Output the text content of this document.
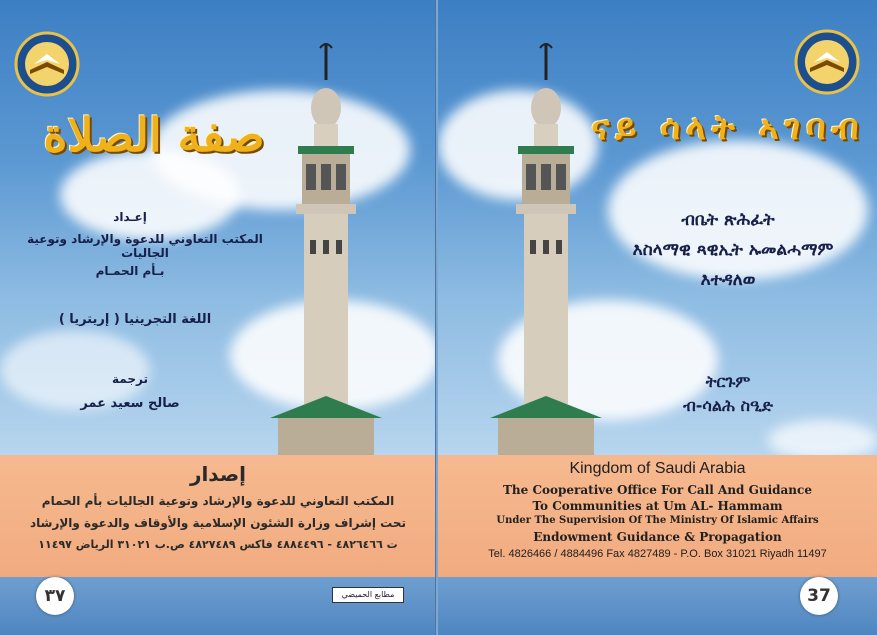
صفة الصلاة
إعـداد
المكتب التعاوني للدعوة والإرشاد وتوعية الجاليات
بـأم الحمـام
اللغة التجرينيا ( إريتريا )
ترجمة
صالح سعيد عمر
إصدار
المكتب التعاوني للدعوة والإرشاد وتوعية الجاليات بأم الحمام
تحت إشراف وزارة الشئون الإسلامية والأوقاف والدعوة والإرشاد
ت ٤٨٢٦٤٦٦ - ٤٨٨٤٤٩٦ فاكس ٤٨٢٧٤٨٩ ص.ب ٣١٠٢١ الرياض ١١٤٩٧
٣٧	مطابع الحميضي
ናይ ሳላት ኣገባብ
ብቤት ጽሕፈት
እስላማዊ ጻዊኢት ኡመልሓማም
እተዳለወ
ትርጉም
ብ-ሳልሕ ስዒድ
Kingdom of Saudi Arabia
The Cooperative Office For Call And Guidance
To Communities at Um AL- Hammam
Under The Supervision Of The Ministry Of Islamic Affairs
Endowment Guidance & Propagation
Tel. 4826466 / 4884496 Fax 4827489 - P.O. Box 31021 Riyadh 11497
37
